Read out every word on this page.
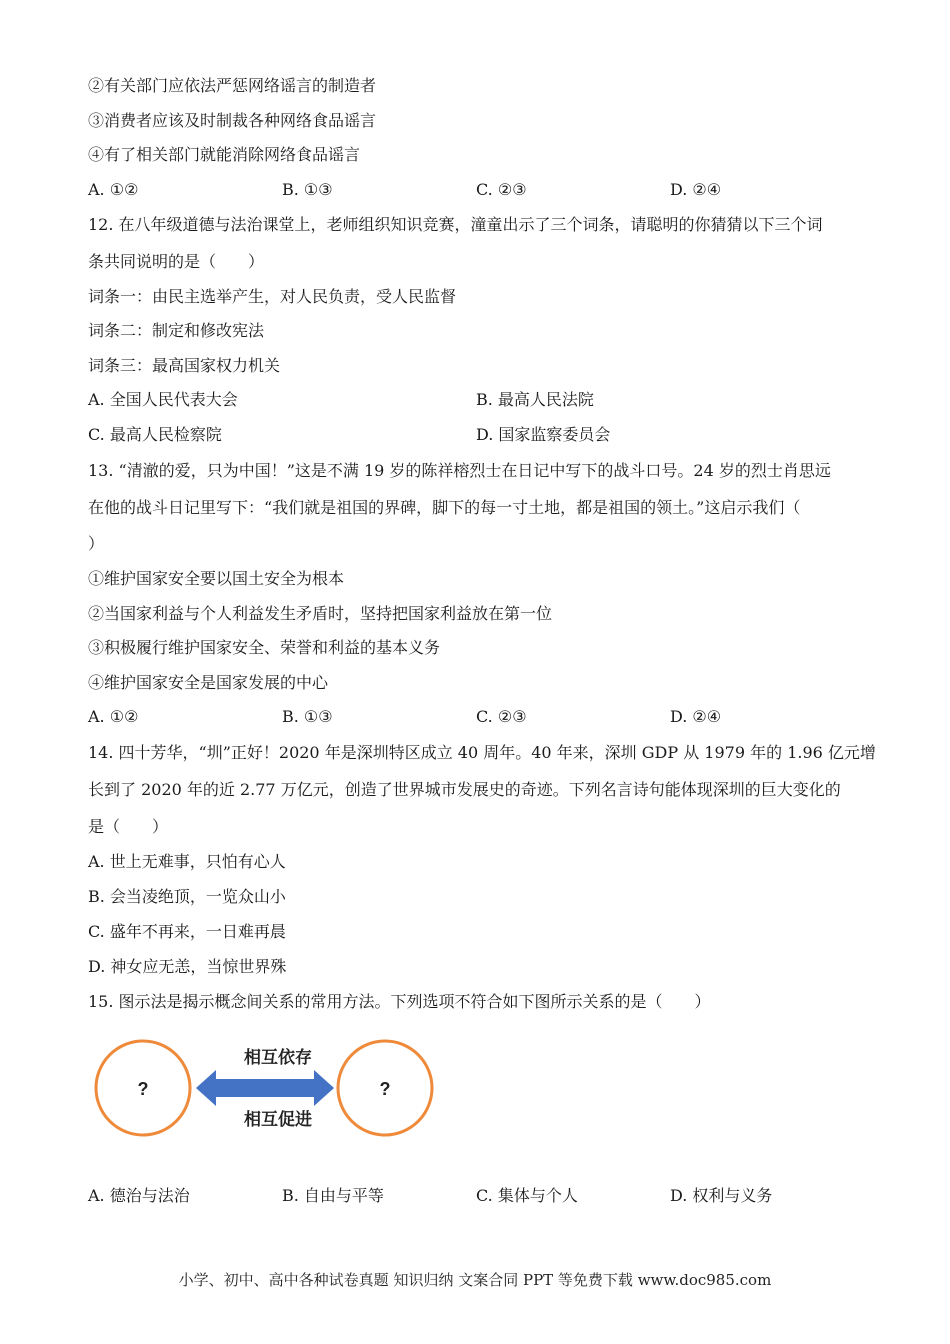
②有关部门应依法严惩网络谣言的制造者
③消费者应该及时制裁各种网络食品谣言
④有了相关部门就能消除网络食品谣言
A. ①②	B. ①③	C. ②③	D. ②④
12. 在八年级道德与法治课堂上，老师组织知识竞赛，潼童出示了三个词条，请聪明的你猜猜以下三个词
条共同说明的是（　　）
词条一：由民主选举产生，对人民负责，受人民监督
词条二：制定和修改宪法
词条三：最高国家权力机关
A. 全国人民代表大会	B. 最高人民法院
C. 最高人民检察院	D. 国家监察委员会
13. “清澈的爱，只为中国！”这是不满 19 岁的陈祥榕烈士在日记中写下的战斗口号。24 岁的烈士肖思远
在他的战斗日记里写下：“我们就是祖国的界碑，脚下的每一寸土地，都是祖国的领土。”这启示我们（
）
①维护国家安全要以国土安全为根本
②当国家利益与个人利益发生矛盾时，坚持把国家利益放在第一位
③积极履行维护国家安全、荣誉和利益的基本义务
④维护国家安全是国家发展的中心
A. ①②	B. ①③	C. ②③	D. ②④
14. 四十芳华，“圳”正好！2020 年是深圳特区成立 40 周年。40 年来，深圳 GDP 从 1979 年的 1.96 亿元增
长到了 2020 年的近 2.77 万亿元，创造了世界城市发展史的奇迹。下列名言诗句能体现深圳的巨大变化的
是（　　）
A. 世上无难事，只怕有心人
B. 会当凌绝顶，一览众山小
C. 盛年不再来，一日难再晨
D. 神女应无恙，当惊世界殊
15. 图示法是揭示概念间关系的常用方法。下列选项不符合如下图所示关系的是（　　）
?	?
相互依存
相互促进
A. 德治与法治	B. 自由与平等	C. 集体与个人	D. 权利与义务
小学、初中、高中各种试卷真题 知识归纳 文案合同 PPT 等免费下载 www.doc985.com
